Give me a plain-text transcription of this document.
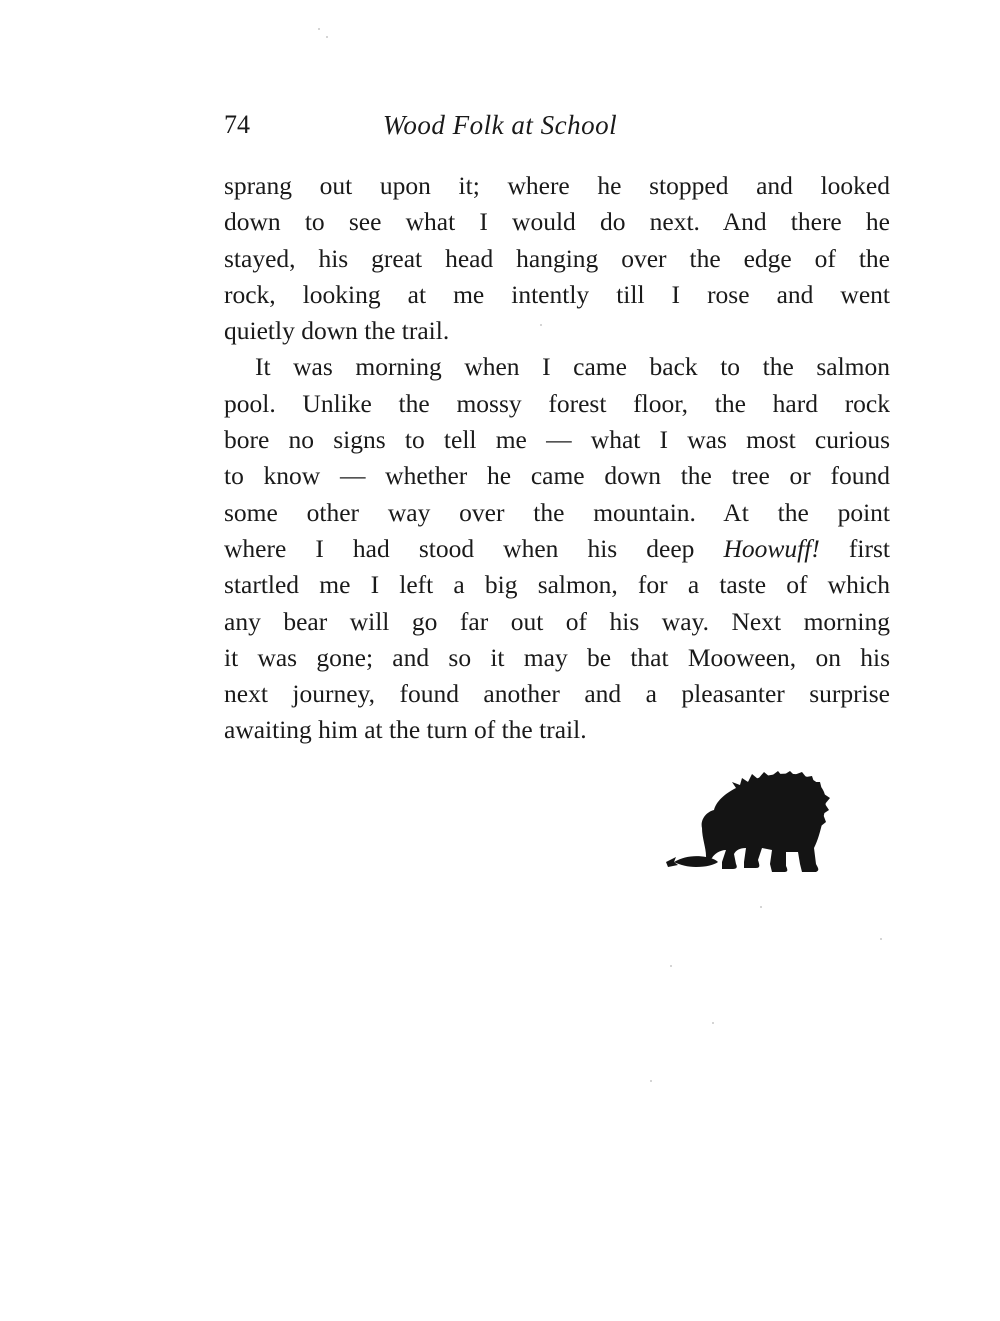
74	Wood Folk at School
sprang out upon it; where he stopped and looked
down to see what I would do next. And there he
stayed, his great head hanging over the edge of the
rock, looking at me intently till I rose and went
quietly down the trail.
It was morning when I came back to the salmon
pool. Unlike the mossy forest floor, the hard rock
bore no signs to tell me — what I was most curious
to know — whether he came down the tree or found
some other way over the mountain. At the point
where I had stood when his deep Hoowuff! first
startled me I left a big salmon, for a taste of which
any bear will go far out of his way. Next morning
it was gone; and so it may be that Mooween, on his
next journey, found another and a pleasanter surprise
awaiting him at the turn of the trail.
